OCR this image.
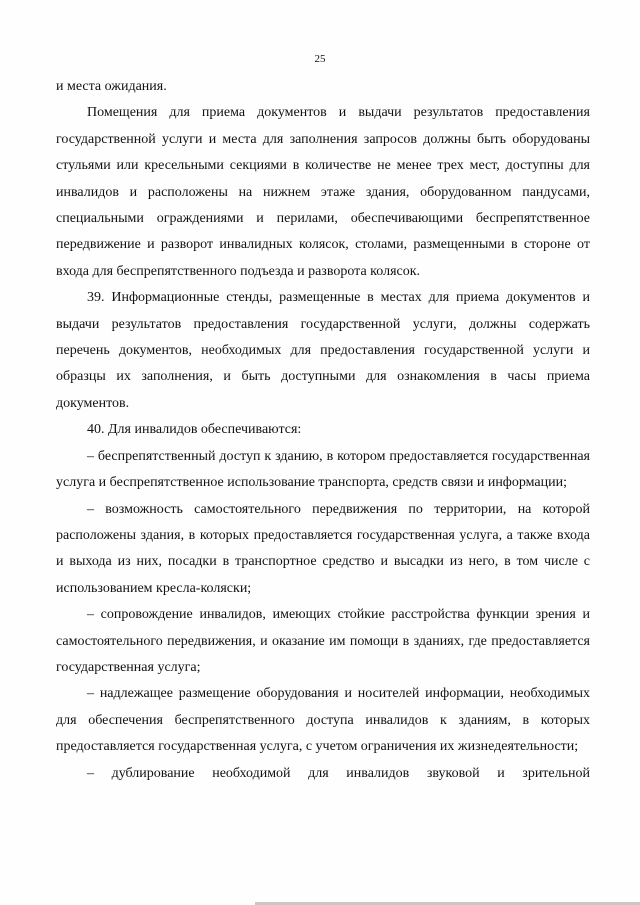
25

и места ожидания.

Помещения для приема документов и выдачи результатов предоставления государственной услуги и места для заполнения запросов должны быть оборудованы стульями или кресельными секциями в количестве не менее трех мест, доступны для инвалидов и расположены на нижнем этаже здания, оборудованном пандусами, специальными ограждениями и перилами, обеспечивающими беспрепятственное передвижение и разворот инвалидных колясок, столами, размещенными в стороне от входа для беспрепятственного подъезда и разворота колясок.

39. Информационные стенды, размещенные в местах для приема документов и выдачи результатов предоставления государственной услуги, должны содержать перечень документов, необходимых для предоставления государственной услуги и образцы их заполнения, и быть доступными для ознакомления в часы приема документов.

40. Для инвалидов обеспечиваются:

– беспрепятственный доступ к зданию, в котором предоставляется государственная услуга и беспрепятственное использование транспорта, средств связи и информации;

– возможность самостоятельного передвижения по территории, на которой расположены здания, в которых предоставляется государственная услуга, а также входа и выхода из них, посадки в транспортное средство и высадки из него, в том числе с использованием кресла-коляски;

– сопровождение инвалидов, имеющих стойкие расстройства функции зрения и самостоятельного передвижения, и оказание им помощи в зданиях, где предоставляется государственная услуга;

– надлежащее размещение оборудования и носителей информации, необходимых для обеспечения беспрепятственного доступа инвалидов к зданиям, в которых предоставляется государственная услуга, с учетом ограничения их жизнедеятельности;

– дублирование необходимой для инвалидов звуковой и зрительной
